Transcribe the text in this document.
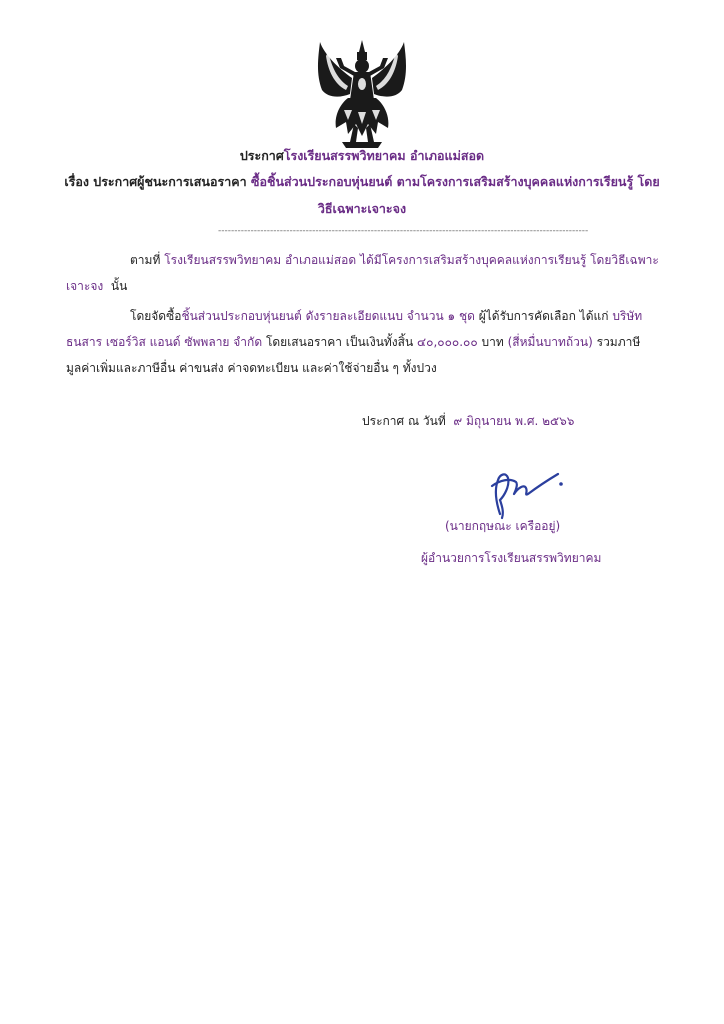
ประกาศโรงเรียนสรรพวิทยาคม อำเภอแม่สอด
เรื่อง ประกาศผู้ชนะการเสนอราคา ซื้อชิ้นส่วนประกอบหุ่นยนต์ ตามโครงการเสริมสร้างบุคคลแห่งการเรียนรู้ โดย
วิธีเฉพาะเจาะจง
------------------------------------------------------------------------------------------------------------------
ตามที่ โรงเรียนสรรพวิทยาคม อำเภอแม่สอด ได้มีโครงการเสริมสร้างบุคคลแห่งการเรียนรู้ โดยวิธีเฉพาะ
เจาะจง นั้น
โดยจัดซื้อชิ้นส่วนประกอบหุ่นยนต์ ดังรายละเอียดแนบ จำนวน ๑ ชุด ผู้ได้รับการคัดเลือก ได้แก่ บริษัท
ธนสาร เซอร์วิส แอนด์ ซัพพลาย จำกัด โดยเสนอราคา เป็นเงินทั้งสิ้น ๔๐,๐๐๐.๐๐ บาท (สี่หมื่นบาทถ้วน) รวมภาษี
มูลค่าเพิ่มและภาษีอื่น ค่าขนส่ง ค่าจดทะเบียน และค่าใช้จ่ายอื่น ๆ ทั้งปวง
ประกาศ ณ วันที่ ๙ มิถุนายน พ.ศ. ๒๕๖๖
(นายกฤษณะ เครืออยู่)
ผู้อำนวยการโรงเรียนสรรพวิทยาคม
